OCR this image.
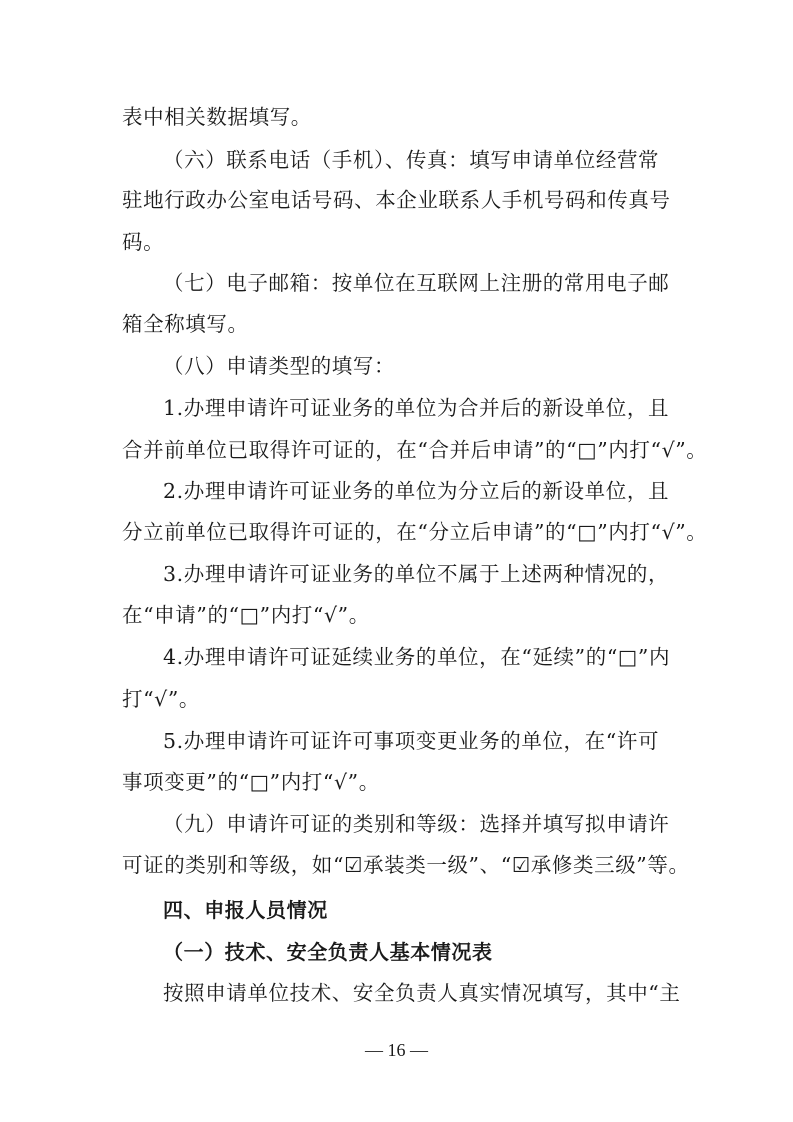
表中相关数据填写。
（六）联系电话（手机）、传真：填写申请单位经营常
驻地行政办公室电话号码、本企业联系人手机号码和传真号
码。
（七）电子邮箱：按单位在互联网上注册的常用电子邮
箱全称填写。
（八）申请类型的填写：
1.办理申请许可证业务的单位为合并后的新设单位，且
合并前单位已取得许可证的，在“合并后申请”的“□”内打“√”。
2.办理申请许可证业务的单位为分立后的新设单位，且
分立前单位已取得许可证的，在“分立后申请”的“□”内打“√”。
3.办理申请许可证业务的单位不属于上述两种情况的，
在“申请”的“□”内打“√”。
4.办理申请许可证延续业务的单位，在“延续”的“□”内
打“√”。
5.办理申请许可证许可事项变更业务的单位，在“许可
事项变更”的“□”内打“√”。
（九）申请许可证的类别和等级：选择并填写拟申请许
可证的类别和等级，如“☑承装类一级”、“☑承修类三级”等。
四、申报人员情况
（一）技术、安全负责人基本情况表
按照申请单位技术、安全负责人真实情况填写，其中“主
— 16 —
